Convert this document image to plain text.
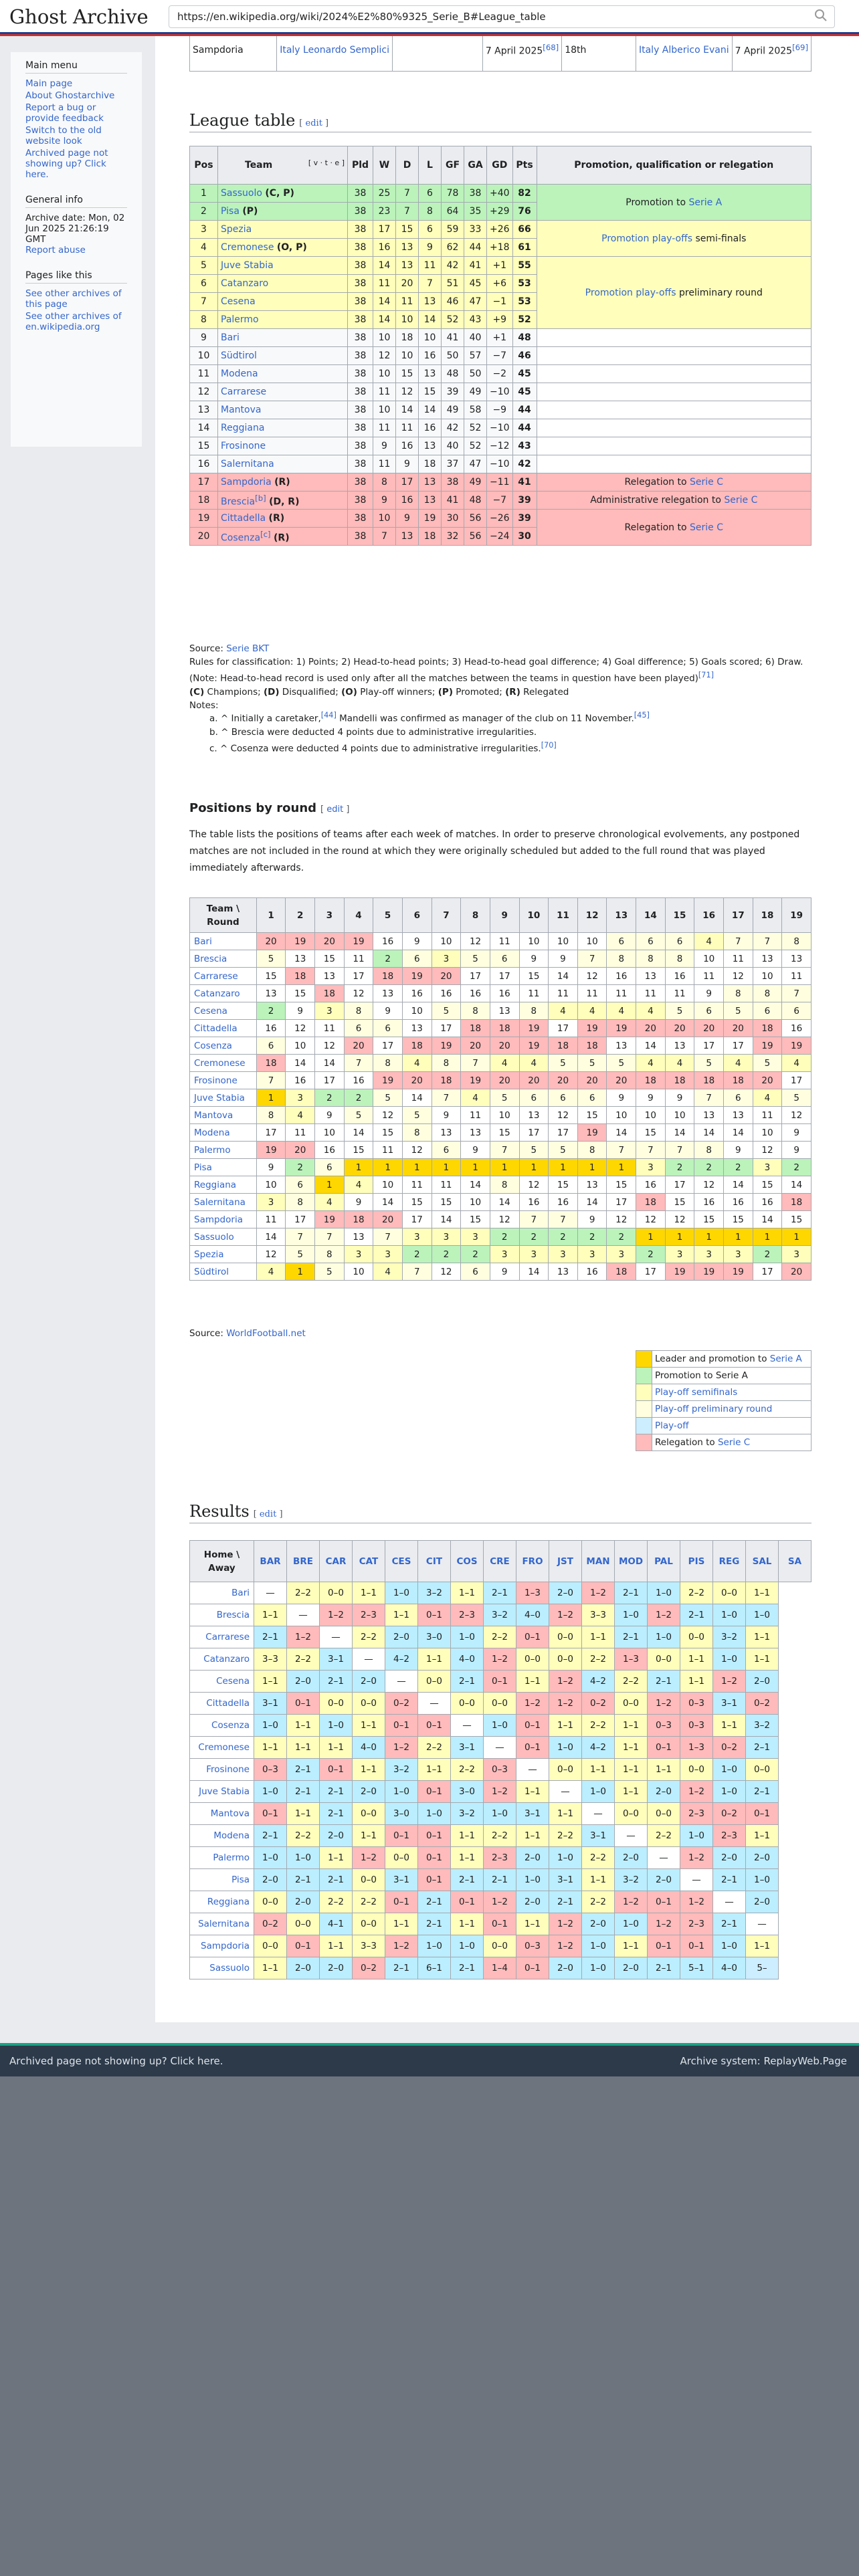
Ghost Archive	https://en.wikipedia.org/wiki/2024%E2%80%9325_Serie_B#League_table
Main menu
Main page
About Ghostarchive
Report a bug or provide feedback
Switch to the old website look
Archived page not showing up? Click here.
General info
Archive date: Mon, 02 Jun 2025 21:26:19 GMT
Report abuse
Pages like this
See other archives of this page
See other archives of en.wikipedia.org
Sampdoria	Italy Leonardo Semplici		7 April 2025[68]	18th	Italy Alberico Evani	7 April 2025[69]
League table [ edit ]
Pos	Team [ v · t · e ]	Pld	W	D	L	GF	GA	GD	Pts	Promotion, qualification or relegation
1	Sassuolo (C, P)	38	25	7	6	78	38	+40	82	Promotion to Serie A
2	Pisa (P)	38	23	7	8	64	35	+29	76	
3	Spezia	38	17	15	6	59	33	+26	66	Promotion play-offs semi-finals
4	Cremonese (O, P)	38	16	13	9	62	44	+18	61	
5	Juve Stabia	38	14	13	11	42	41	+1	55	Promotion play-offs preliminary round
6	Catanzaro	38	11	20	7	51	45	+6	53	
7	Cesena	38	14	11	13	46	47	−1	53	
8	Palermo	38	14	10	14	52	43	+9	52	
9	Bari	38	10	18	10	41	40	+1	48	
10	Südtirol	38	12	10	16	50	57	−7	46	
11	Modena	38	10	15	13	48	50	−2	45	
12	Carrarese	38	11	12	15	39	49	−10	45	
13	Mantova	38	10	14	14	49	58	−9	44	
14	Reggiana	38	11	11	16	42	52	−10	44	
15	Frosinone	38	9	16	13	40	52	−12	43	
16	Salernitana	38	11	9	18	37	47	−10	42	
17	Sampdoria (R)	38	8	17	13	38	49	−11	41	Relegation to Serie C
18	Brescia[b] (D, R)	38	9	16	13	41	48	−7	39	Administrative relegation to Serie C
19	Cittadella (R)	38	10	9	19	30	56	−26	39	Relegation to Serie C
20	Cosenza[c] (R)	38	7	13	18	32	56	−24	30	
Source: Serie BKT
Rules for classification: 1) Points; 2) Head-to-head points; 3) Head-to-head goal difference; 4) Goal difference; 5) Goals scored; 6) Draw.
(Note: Head-to-head record is used only after all the matches between the teams in question have been played)[71]
(C) Champions; (D) Disqualified; (O) Play-off winners; (P) Promoted; (R) Relegated
Notes:
a. ^ Initially a caretaker,[44] Mandelli was confirmed as manager of the club on 11 November.[45]
b. ^ Brescia were deducted 4 points due to administrative irregularities.
c. ^ Cosenza were deducted 4 points due to administrative irregularities.[70]
Positions by round [ edit ]
The table lists the positions of teams after each week of matches. In order to preserve chronological evolvements, any postponed matches are not included in the round at which they were originally scheduled but added to the full round that was played immediately afterwards.
Team \ Round	1	2	3	4	5	6	7	8	9	10	11	12	13	14	15	16	17	18	19
Bari	20	19	20	19	16	9	10	12	11	10	10	10	6	6	6	4	7	7	8
Brescia	5	13	15	11	2	6	3	5	6	9	9	7	8	8	8	10	11	13	13
Carrarese	15	18	13	17	18	19	20	17	17	15	14	12	16	13	16	11	12	10	11
Catanzaro	13	15	18	12	13	16	16	16	16	11	11	11	11	11	11	9	8	8	7
Cesena	2	9	3	8	9	10	5	8	13	8	4	4	4	4	5	6	5	6	6
Cittadella	16	12	11	6	6	13	17	18	18	19	17	19	19	20	20	20	20	18	16
Cosenza	6	10	12	20	17	18	19	20	20	19	18	18	13	14	13	17	17	19	19
Cremonese	18	14	14	7	8	4	8	7	4	4	5	5	5	4	4	5	4	5	4
Frosinone	7	16	17	16	19	20	18	19	20	20	20	20	20	18	18	18	18	20	17
Juve Stabia	1	3	2	2	5	14	7	4	5	6	6	6	9	9	9	7	6	4	5
Mantova	8	4	9	5	12	5	9	11	10	13	12	15	10	10	10	13	13	11	12
Modena	17	11	10	14	15	8	13	13	15	17	17	19	14	15	14	14	14	10	9
Palermo	19	20	16	15	11	12	6	9	7	5	5	8	7	7	7	8	9	12	9
Pisa	9	2	6	1	1	1	1	1	1	1	1	1	1	3	2	2	2	3	2
Reggiana	10	6	1	4	10	11	11	14	8	12	15	13	15	16	17	12	14	15	14
Salernitana	3	8	4	9	14	15	15	10	14	16	16	14	17	18	15	16	16	16	18
Sampdoria	11	17	19	18	20	17	14	15	12	7	7	9	12	12	12	15	15	14	15
Sassuolo	14	7	7	13	7	3	3	3	2	2	2	2	2	1	1	1	1	1	1
Spezia	12	5	8	3	3	2	2	2	3	3	3	3	3	2	3	3	3	2	3
Südtirol	4	1	5	10	4	7	12	6	9	14	13	16	18	17	19	19	19	17	20
Source: WorldFootball.net
	Leader and promotion to Serie A
	Promotion to Serie A
	Play-off semifinals
	Play-off preliminary round
	Play-off
	Relegation to Serie C
Results [ edit ]
Home \ Away	BAR	BRE	CAR	CAT	CES	CIT	COS	CRE	FRO	JST	MAN	MOD	PAL	PIS	REG	SAL	SA
Bari	—	2–2	0–0	1–1	1–0	3–2	1–1	2–1	1–3	2–0	1–2	2–1	1–0	2–2	0–0	1–1	
Brescia	1–1	—	1–2	2–3	1–1	0–1	2–3	3–2	4–0	1–2	3–3	1–0	1–2	2–1	1–0	1–0	
Carrarese	2–1	1–2	—	2–2	2–0	3–0	1–0	2–2	0–1	0–0	1–1	2–1	1–0	0–0	3–2	1–1	
Catanzaro	3–3	2–2	3–1	—	4–2	1–1	4–0	1–2	0–0	0–0	2–2	1–3	0–0	1–1	1–0	1–1	
Cesena	1–1	2–0	2–1	2–0	—	0–0	2–1	0–1	1–1	1–2	4–2	2–2	2–1	1–1	1–2	2–0	
Cittadella	3–1	0–1	0–0	0–0	0–2	—	0–0	0–0	1–2	1–2	0–2	0–0	1–2	0–3	3–1	0–2	
Cosenza	1–0	1–1	1–0	1–1	0–1	0–1	—	1–0	0–1	1–1	2–2	1–1	0–3	0–3	1–1	3–2	
Cremonese	1–1	1–1	1–1	4–0	1–2	2–2	3–1	—	0–1	1–0	4–2	1–1	0–1	1–3	0–2	2–1	
Frosinone	0–3	2–1	0–1	1–1	3–2	1–1	2–2	0–3	—	0–0	1–1	1–1	1–1	0–0	1–0	0–0	
Juve Stabia	1–0	2–1	2–1	2–0	1–0	0–1	3–0	1–2	1–1	—	1–0	1–1	2–0	1–2	1–0	2–1	
Mantova	0–1	1–1	2–1	0–0	3–0	1–0	3–2	1–0	3–1	1–1	—	0–0	0–0	2–3	0–2	0–1	
Modena	2–1	2–2	2–0	1–1	0–1	0–1	1–1	2–2	1–1	2–2	3–1	—	2–2	1–0	2–3	1–1	
Palermo	1–0	1–0	1–1	1–2	0–0	0–1	1–1	2–3	2–0	1–0	2–2	2–0	—	1–2	2–0	2–0	
Pisa	2–0	2–1	2–1	0–0	3–1	0–1	2–1	2–1	1–0	3–1	1–1	3–2	2–0	—	2–1	1–0	
Reggiana	0–0	2–0	2–2	2–2	0–1	2–1	0–1	1–2	2–0	2–1	2–2	1–2	0–1	1–2	—	2–0	
Salernitana	0–2	0–0	4–1	0–0	1–1	2–1	1–1	0–1	1–1	1–2	2–0	1–0	1–2	2–3	2–1	—	
Sampdoria	0–0	0–1	1–1	3–3	1–2	1–0	1–0	0–0	0–3	1–2	1–0	1–1	0–1	0–1	1–0	1–1	
Sassuolo	1–1	2–0	2–0	0–2	2–1	6–1	2–1	1–4	0–1	2–0	1–0	2–0	2–1	5–1	4–0	5–	
Archived page not showing up? Click here.	Archive system: ReplayWeb.Page
